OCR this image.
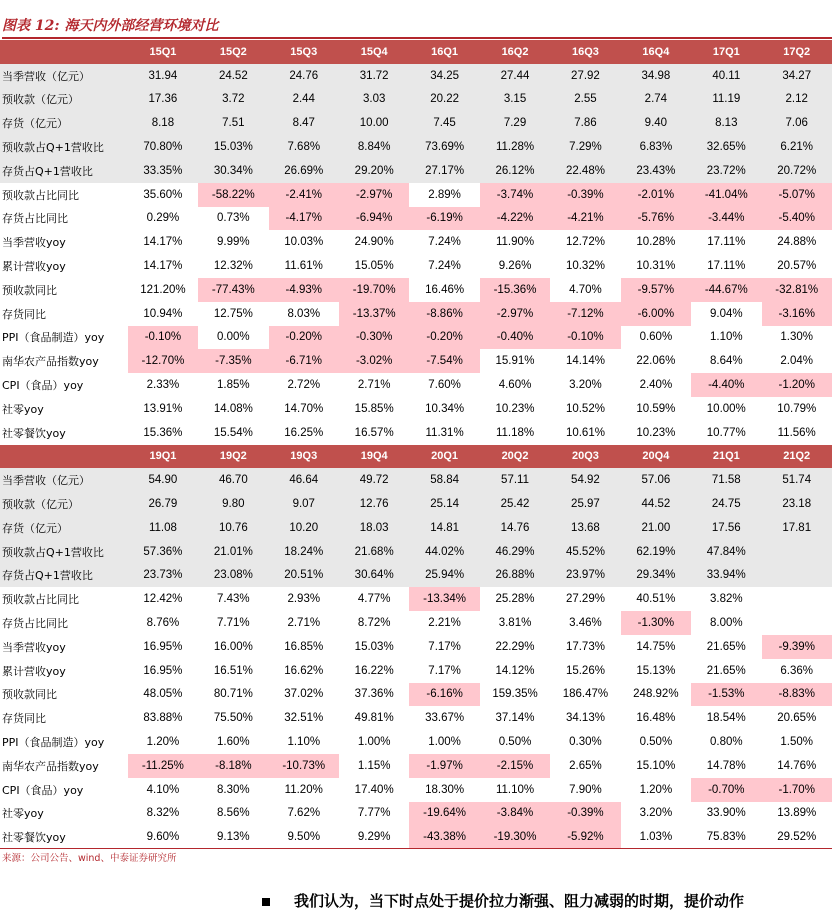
图表 12: 海天内外部经营环境对比
15Q1	15Q2	15Q3	15Q4	16Q1	16Q2	16Q3	16Q4	17Q1	17Q2
当季营收（亿元）	31.94	24.52	24.76	31.72	34.25	27.44	27.92	34.98	40.11	34.27
预收款（亿元）	17.36	3.72	2.44	3.03	20.22	3.15	2.55	2.74	11.19	2.12
存货（亿元）	8.18	7.51	8.47	10.00	7.45	7.29	7.86	9.40	8.13	7.06
预收款占Q+1营收比	70.80%	15.03%	7.68%	8.84%	73.69%	11.28%	7.29%	6.83%	32.65%	6.21%
存货占Q+1营收比	33.35%	30.34%	26.69%	29.20%	27.17%	26.12%	22.48%	23.43%	23.72%	20.72%
预收款占比同比	35.60%	-58.22%	-2.41%	-2.97%	2.89%	-3.74%	-0.39%	-2.01%	-41.04%	-5.07%
存货占比同比	0.29%	0.73%	-4.17%	-6.94%	-6.19%	-4.22%	-4.21%	-5.76%	-3.44%	-5.40%
当季营收yoy	14.17%	9.99%	10.03%	24.90%	7.24%	11.90%	12.72%	10.28%	17.11%	24.88%
累计营收yoy	14.17%	12.32%	11.61%	15.05%	7.24%	9.26%	10.32%	10.31%	17.11%	20.57%
预收款同比	121.20%	-77.43%	-4.93%	-19.70%	16.46%	-15.36%	4.70%	-9.57%	-44.67%	-32.81%
存货同比	10.94%	12.75%	8.03%	-13.37%	-8.86%	-2.97%	-7.12%	-6.00%	9.04%	-3.16%
PPI（食品制造）yoy	-0.10%	0.00%	-0.20%	-0.30%	-0.20%	-0.40%	-0.10%	0.60%	1.10%	1.30%
南华农产品指数yoy	-12.70%	-7.35%	-6.71%	-3.02%	-7.54%	15.91%	14.14%	22.06%	8.64%	2.04%
CPI（食品）yoy	2.33%	1.85%	2.72%	2.71%	7.60%	4.60%	3.20%	2.40%	-4.40%	-1.20%
社零yoy	13.91%	14.08%	14.70%	15.85%	10.34%	10.23%	10.52%	10.59%	10.00%	10.79%
社零餐饮yoy	15.36%	15.54%	16.25%	16.57%	11.31%	11.18%	10.61%	10.23%	10.77%	11.56%
19Q1	19Q2	19Q3	19Q4	20Q1	20Q2	20Q3	20Q4	21Q1	21Q2
当季营收（亿元）	54.90	46.70	46.64	49.72	58.84	57.11	54.92	57.06	71.58	51.74
预收款（亿元）	26.79	9.80	9.07	12.76	25.14	25.42	25.97	44.52	24.75	23.18
存货（亿元）	11.08	10.76	10.20	18.03	14.81	14.76	13.68	21.00	17.56	17.81
预收款占Q+1营收比	57.36%	21.01%	18.24%	21.68%	44.02%	46.29%	45.52%	62.19%	47.84%
存货占Q+1营收比	23.73%	23.08%	20.51%	30.64%	25.94%	26.88%	23.97%	29.34%	33.94%
预收款占比同比	12.42%	7.43%	2.93%	4.77%	-13.34%	25.28%	27.29%	40.51%	3.82%
存货占比同比	8.76%	7.71%	2.71%	8.72%	2.21%	3.81%	3.46%	-1.30%	8.00%
当季营收yoy	16.95%	16.00%	16.85%	15.03%	7.17%	22.29%	17.73%	14.75%	21.65%	-9.39%
累计营收yoy	16.95%	16.51%	16.62%	16.22%	7.17%	14.12%	15.26%	15.13%	21.65%	6.36%
预收款同比	48.05%	80.71%	37.02%	37.36%	-6.16%	159.35%	186.47%	248.92%	-1.53%	-8.83%
存货同比	83.88%	75.50%	32.51%	49.81%	33.67%	37.14%	34.13%	16.48%	18.54%	20.65%
PPI（食品制造）yoy	1.20%	1.60%	1.10%	1.00%	1.00%	0.50%	0.30%	0.50%	0.80%	1.50%
南华农产品指数yoy	-11.25%	-8.18%	-10.73%	1.15%	-1.97%	-2.15%	2.65%	15.10%	14.78%	14.76%
CPI（食品）yoy	4.10%	8.30%	11.20%	17.40%	18.30%	11.10%	7.90%	1.20%	-0.70%	-1.70%
社零yoy	8.32%	8.56%	7.62%	7.77%	-19.64%	-3.84%	-0.39%	3.20%	33.90%	13.89%
社零餐饮yoy	9.60%	9.13%	9.50%	9.29%	-43.38%	-19.30%	-5.92%	1.03%	75.83%	29.52%
来源：公司公告、wind、中泰证券研究所
我们认为，当下时点处于提价拉力渐强、阻力减弱的时期，提价动作
